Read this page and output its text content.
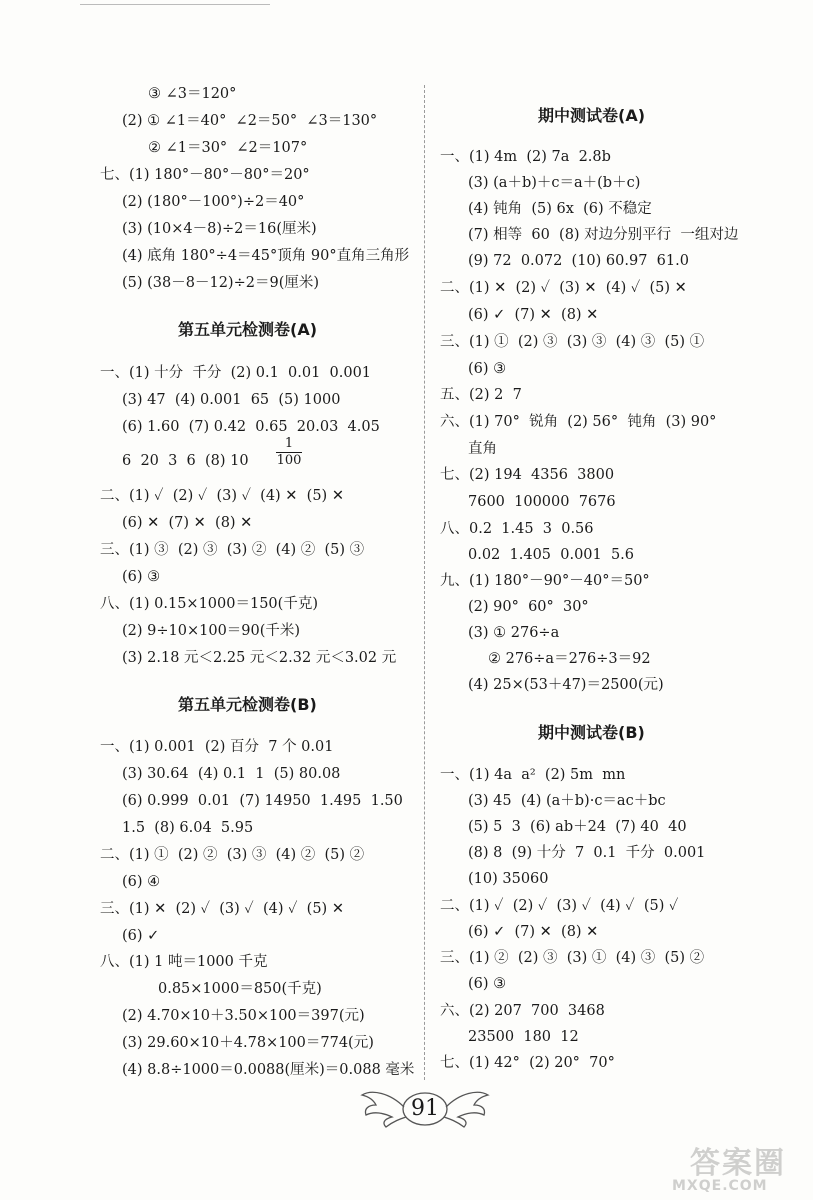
③ ∠3＝120°
(2) ① ∠1＝40°  ∠2＝50°  ∠3＝130°
② ∠1＝30°  ∠2＝107°
七、(1) 180°－80°－80°＝20°
(2) (180°－100°)÷2＝40°
(3) (10×4－8)÷2＝16(厘米)
(4) 底角 180°÷4＝45°顶角 90°直角三角形
(5) (38－8－12)÷2＝9(厘米)
第五单元检测卷(A)
一、(1) 十分  千分  (2) 0.1  0.01  0.001
(3) 47  (4) 0.001  65  (5) 1000
(6) 1.60  (7) 0.42  0.65  20.03  4.05
6  20  3  6  (8) $10 \frac{1}{100}$
二、(1) ✓  (2) ✓  (3) ✓  (4) ✕  (5) ✕
(6) ✕  (7) ✕  (8) ✕
三、(1) ③  (2) ③  (3) ②  (4) ②  (5) ③
(6) ③
八、(1) 0.15×1000＝150(千克)
(2) 9÷10×100＝90(千米)
(3) 2.18 元＜2.25 元＜2.32 元＜3.02 元
第五单元检测卷(B)
一、(1) 0.001  (2) 百分  7 个 0.01
(3) 30.64  (4) 0.1  1  (5) 80.08
(6) 0.999  0.01  (7) 14950  1.495  1.50
1.5  (8) 6.04  5.95
二、(1) ①  (2) ②  (3) ③  (4) ②  (5) ②
(6) ④
三、(1) ✕  (2) ✓  (3) ✓  (4) ✓  (5) ✕
(6) ✓
八、(1) 1 吨＝1000 千克
0.85×1000＝850(千克)
(2) 4.70×10＋3.50×100＝397(元)
(3) 29.60×10＋4.78×100＝774(元)
(4) 8.8÷1000＝0.0088(厘米)＝0.088 毫米
期中测试卷(A)
一、(1) 4m  (2) 7a  2.8b
(3) (a＋b)＋c＝a＋(b＋c)
(4) 钝角  (5) 6x  (6) 不稳定
(7) 相等  60  (8) 对边分别平行  一组对边
(9) 72  0.072  (10) 60.97  61.0
二、(1) ✕  (2) ✓  (3) ✕  (4) ✓  (5) ✕
(6) ✓  (7) ✕  (8) ✕
三、(1) ①  (2) ③  (3) ③  (4) ③  (5) ①
(6) ③
五、(2) 2  7
六、(1) 70°  锐角  (2) 56°  钝角  (3) 90°
直角
七、(2) 194  4356  3800
7600  100000  7676
八、0.2  1.45  3  0.56
0.02  1.405  0.001  5.6
九、(1) 180°－90°－40°＝50°
(2) 90°  60°  30°
(3) ① 276÷a
② 276÷a＝276÷3＝92
(4) 25×(53＋47)＝2500(元)
期中测试卷(B)
一、(1) 4a  a²  (2) 5m  mn
(3) 45  (4) (a＋b)·c＝ac＋bc
(5) 5  3  (6) ab＋24  (7) 40  40
(8) 8  (9) 十分  7  0.1  千分  0.001
(10) 35060
二、(1) ✓  (2) ✓  (3) ✓  (4) ✓  (5) ✓
(6) ✓  (7) ✕  (8) ✕
三、(1) ②  (2) ③  (3) ①  (4) ③  (5) ②
(6) ③
六、(2) 207  700  3468
23500  180  12
七、(1) 42°  (2) 20°  70°
91
答案圈
MXQE.COM
